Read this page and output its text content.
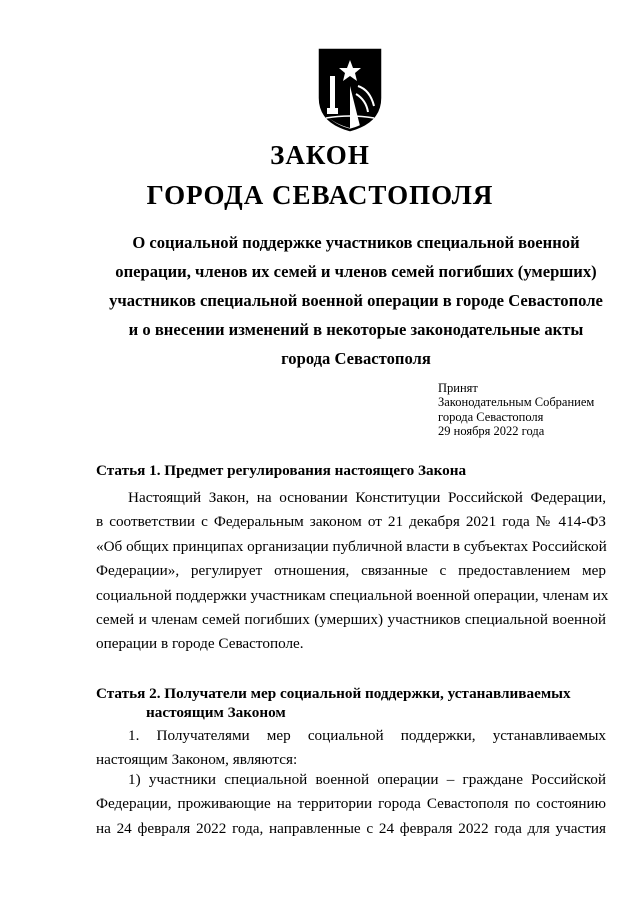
ЗАКОН
ГОРОДА СЕВАСТОПОЛЯ
О социальной поддержке участников специальной военной
операции, членов их семей и членов семей погибших (умерших)
участников специальной военной операции в городе Севастополе
и о внесении изменений в некоторые законодательные акты
города Севастополя
Принят
Законодательным Собранием
города Севастополя
29 ноября 2022 года
Статья 1. Предмет регулирования настоящего Закона
Настоящий Закон, на основании Конституции Российской Федерации,
в соответствии с Федеральным законом от 21 декабря 2021 года № 414-ФЗ
«Об общих принципах организации публичной власти в субъектах Российской
Федерации», регулирует отношения, связанные с предоставлением мер
социальной поддержки участникам специальной военной операции, членам их
семей и членам семей погибших (умерших) участников специальной военной
операции в городе Севастополе.
Статья 2. Получатели мер социальной поддержки, устанавливаемых
настоящим Законом
1. Получателями мер социальной поддержки, устанавливаемых
настоящим Законом, являются:
1) участники специальной военной операции – граждане Российской
Федерации, проживающие на территории города Севастополя по состоянию
на 24 февраля 2022 года, направленные с 24 февраля 2022 года для участия
